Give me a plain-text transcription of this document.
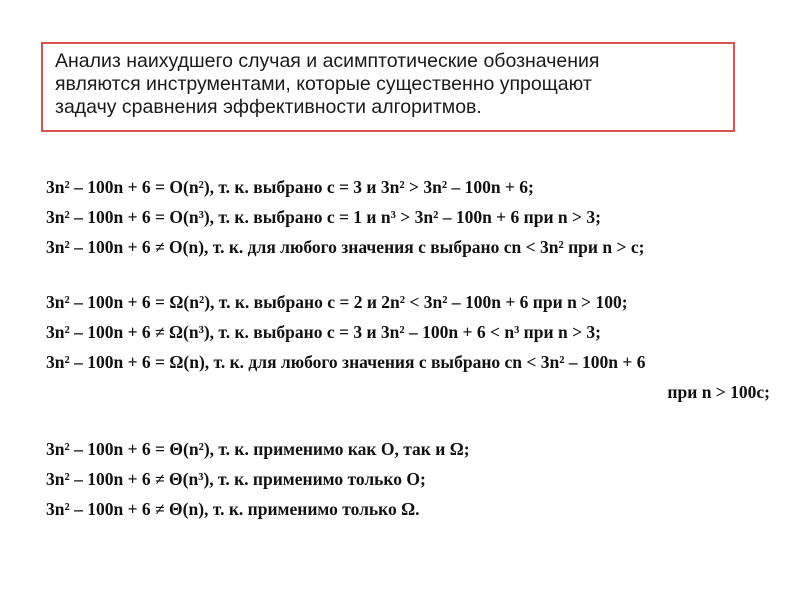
Анализ наихудшего случая и асимптотические обозначения
являются инструментами, которые существенно упрощают
задачу сравнения эффективности алгоритмов.
3n² – 100n + 6 = O(n²), т. к. выбрано c = 3 и 3n² > 3n² – 100n + 6;
3n² – 100n + 6 = O(n³), т. к. выбрано c = 1 и n³ > 3n² – 100n + 6 при n > 3;
3n² – 100n + 6 ≠ O(n), т. к. для любого значения c выбрано cn < 3n² при n > c;
3n² – 100n + 6 = Ω(n²), т. к. выбрано c = 2 и 2n² < 3n² – 100n + 6 при n > 100;
3n² – 100n + 6 ≠ Ω(n³), т. к. выбрано c = 3 и 3n² – 100n + 6 < n³ при n > 3;
3n² – 100n + 6 = Ω(n), т. к. для любого значения c выбрано cn < 3n² – 100n + 6
при n > 100c;
3n² – 100n + 6 = Θ(n²), т. к. применимо как O, так и Ω;
3n² – 100n + 6 ≠ Θ(n³), т. к. применимо только O;
3n² – 100n + 6 ≠ Θ(n), т. к. применимо только Ω.
